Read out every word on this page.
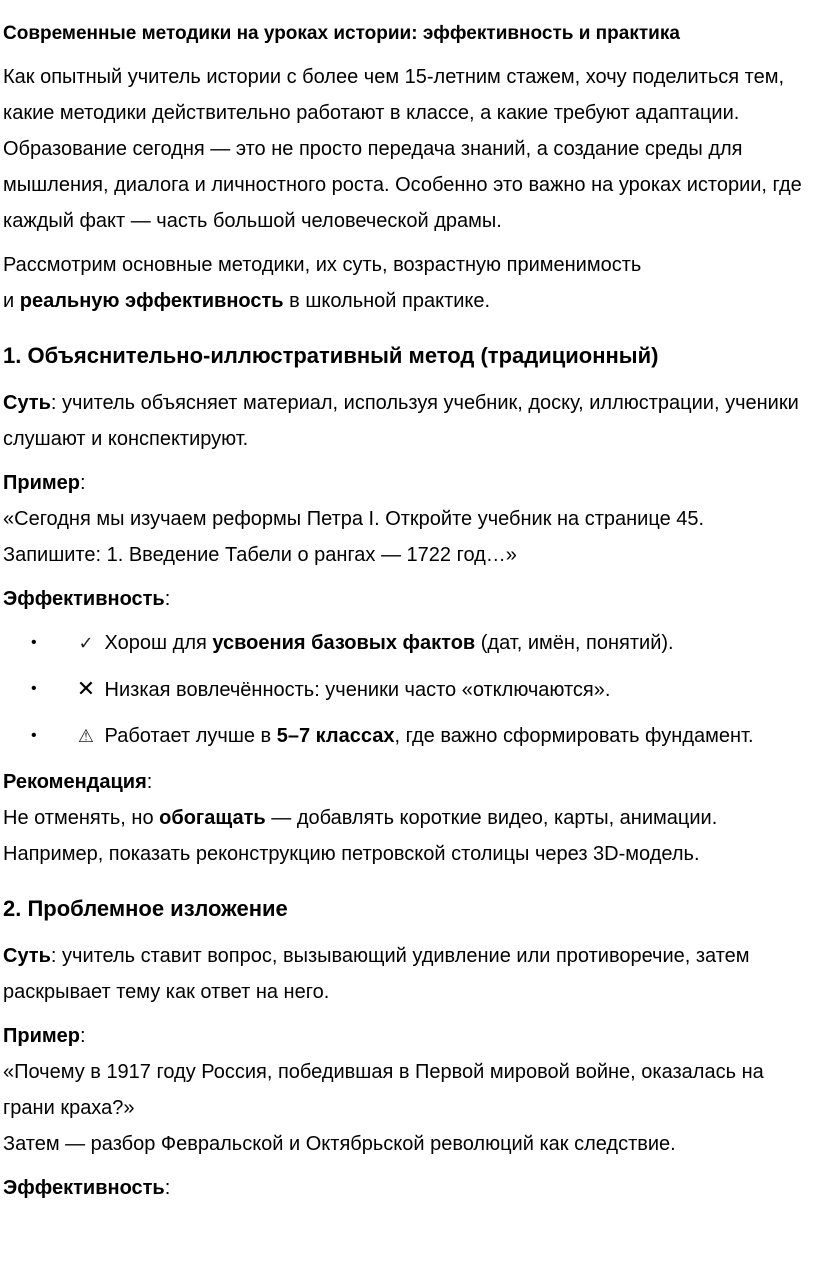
Современные методики на уроках истории: эффективность и практика

Как опытный учитель истории с более чем 15-летним стажем, хочу поделиться тем, какие методики действительно работают в классе, а какие требуют адаптации. Образование сегодня — это не просто передача знаний, а создание среды для мышления, диалога и личностного роста. Особенно это важно на уроках истории, где каждый факт — часть большой человеческой драмы.

Рассмотрим основные методики, их суть, возрастную применимость
и реальную эффективность в школьной практике.

1. Объяснительно-иллюстративный метод (традиционный)

Суть: учитель объясняет материал, используя учебник, доску, иллюстрации, ученики слушают и конспектируют.

Пример:
«Сегодня мы изучаем реформы Петра I. Откройте учебник на странице 45.
Запишите: 1. Введение Табели о рангах — 1722 год…»

Эффективность:

• ✓ Хорош для усвоения базовых фактов (дат, имён, понятий).
• ✕ Низкая вовлечённость: ученики часто «отключаются».
• ⚠ Работает лучше в 5–7 классах, где важно сформировать фундамент.

Рекомендация:
Не отменять, но обогащать — добавлять короткие видео, карты, анимации.
Например, показать реконструкцию петровской столицы через 3D-модель.

2. Проблемное изложение

Суть: учитель ставит вопрос, вызывающий удивление или противоречие, затем раскрывает тему как ответ на него.

Пример:
«Почему в 1917 году Россия, победившая в Первой мировой войне, оказалась на грани краха?»
Затем — разбор Февральской и Октябрьской революций как следствие.

Эффективность:
